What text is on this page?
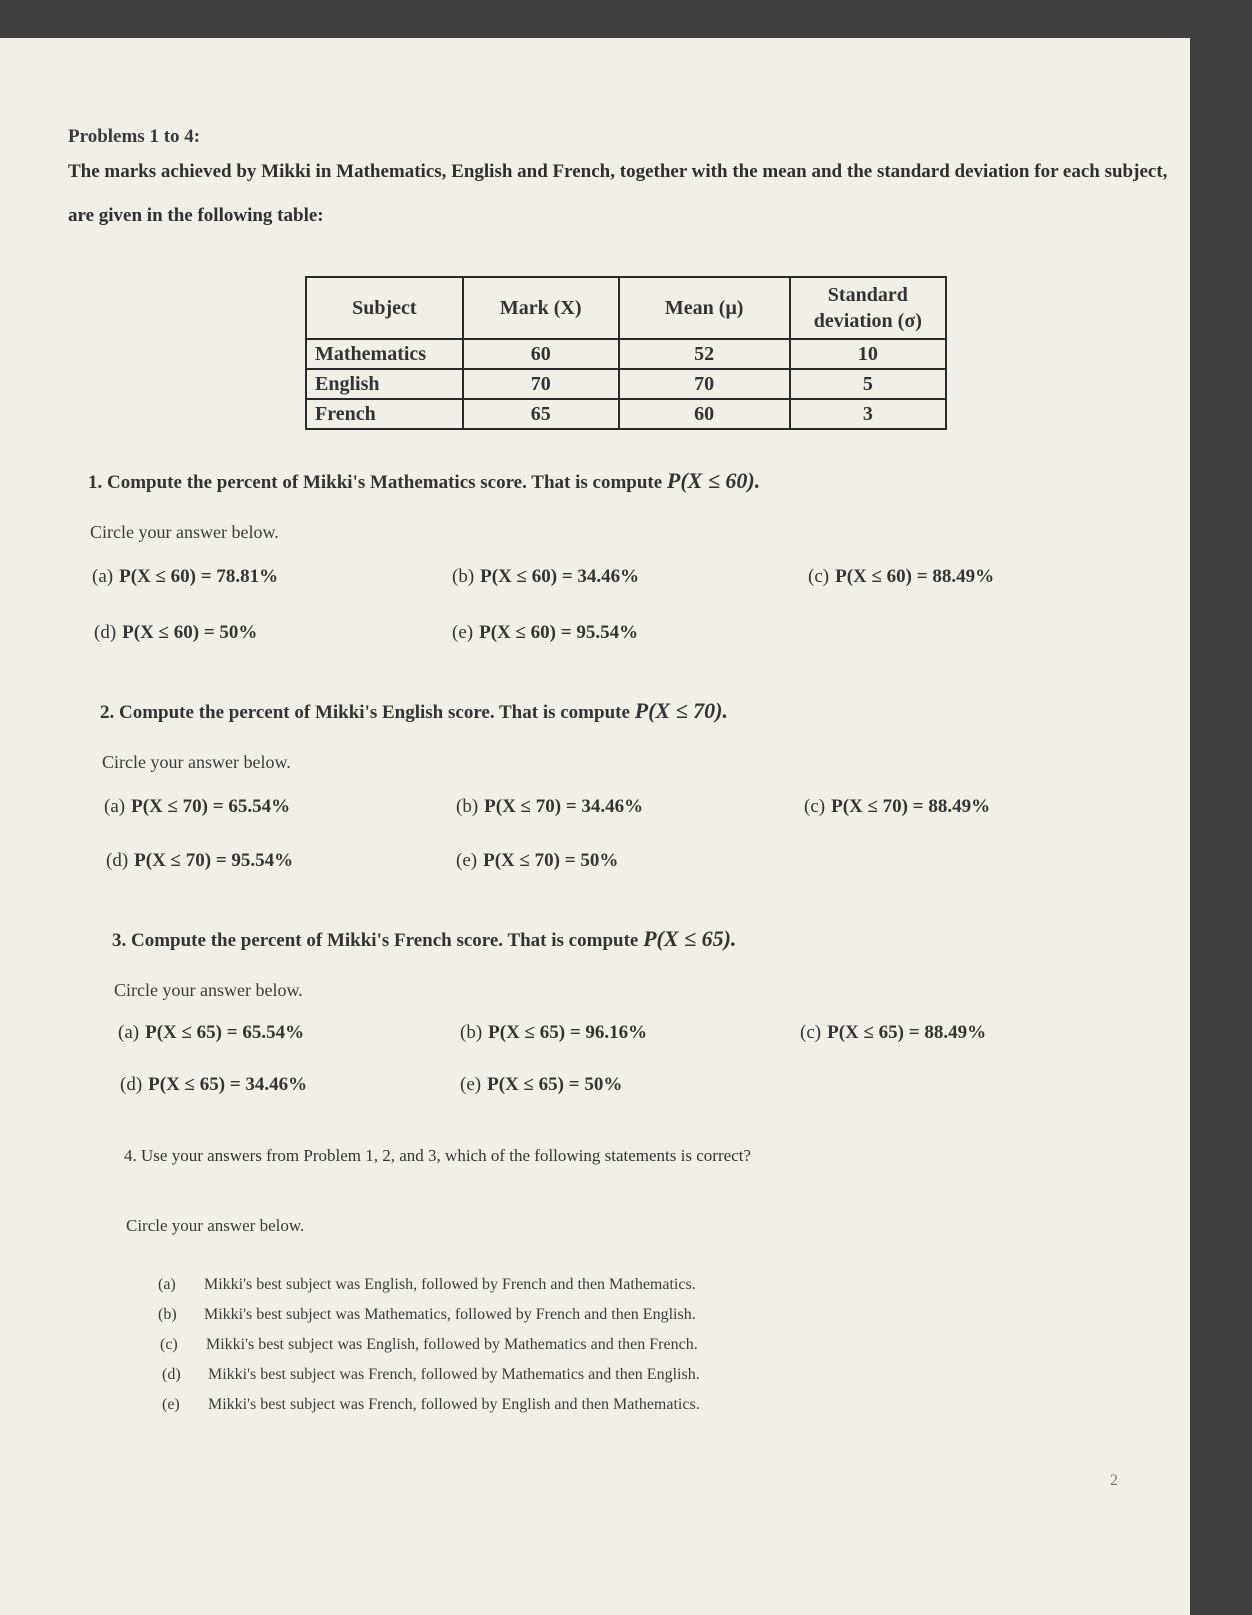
Problems 1 to 4:
The marks achieved by Mikki in Mathematics, English and French, together with the mean and the standard deviation for each subject, are given in the following table:
Subject	Mark (X)	Mean (μ)	Standard deviation (σ)
Mathematics	60	52	10
English	70	70	5
French	65	60	3
1. Compute the percent of Mikki's Mathematics score. That is compute P(X ≤ 60).
Circle your answer below.
(a) P(X ≤ 60) = 78.81%	(b) P(X ≤ 60) = 34.46%	(c) P(X ≤ 60) = 88.49%
(d) P(X ≤ 60) = 50%	(e) P(X ≤ 60) = 95.54%
2. Compute the percent of Mikki's English score. That is compute P(X ≤ 70).
Circle your answer below.
(a) P(X ≤ 70) = 65.54%	(b) P(X ≤ 70) = 34.46%	(c) P(X ≤ 70) = 88.49%
(d) P(X ≤ 70) = 95.54%	(e) P(X ≤ 70) = 50%
3. Compute the percent of Mikki's French score. That is compute P(X ≤ 65).
Circle your answer below.
(a) P(X ≤ 65) = 65.54%	(b) P(X ≤ 65) = 96.16%	(c) P(X ≤ 65) = 88.49%
(d) P(X ≤ 65) = 34.46%	(e) P(X ≤ 65) = 50%
4. Use your answers from Problem 1, 2, and 3, which of the following statements is correct?
Circle your answer below.
(a) Mikki's best subject was English, followed by French and then Mathematics.
(b) Mikki's best subject was Mathematics, followed by French and then English.
(c) Mikki's best subject was English, followed by Mathematics and then French.
(d) Mikki's best subject was French, followed by Mathematics and then English.
(e) Mikki's best subject was French, followed by English and then Mathematics.
2
